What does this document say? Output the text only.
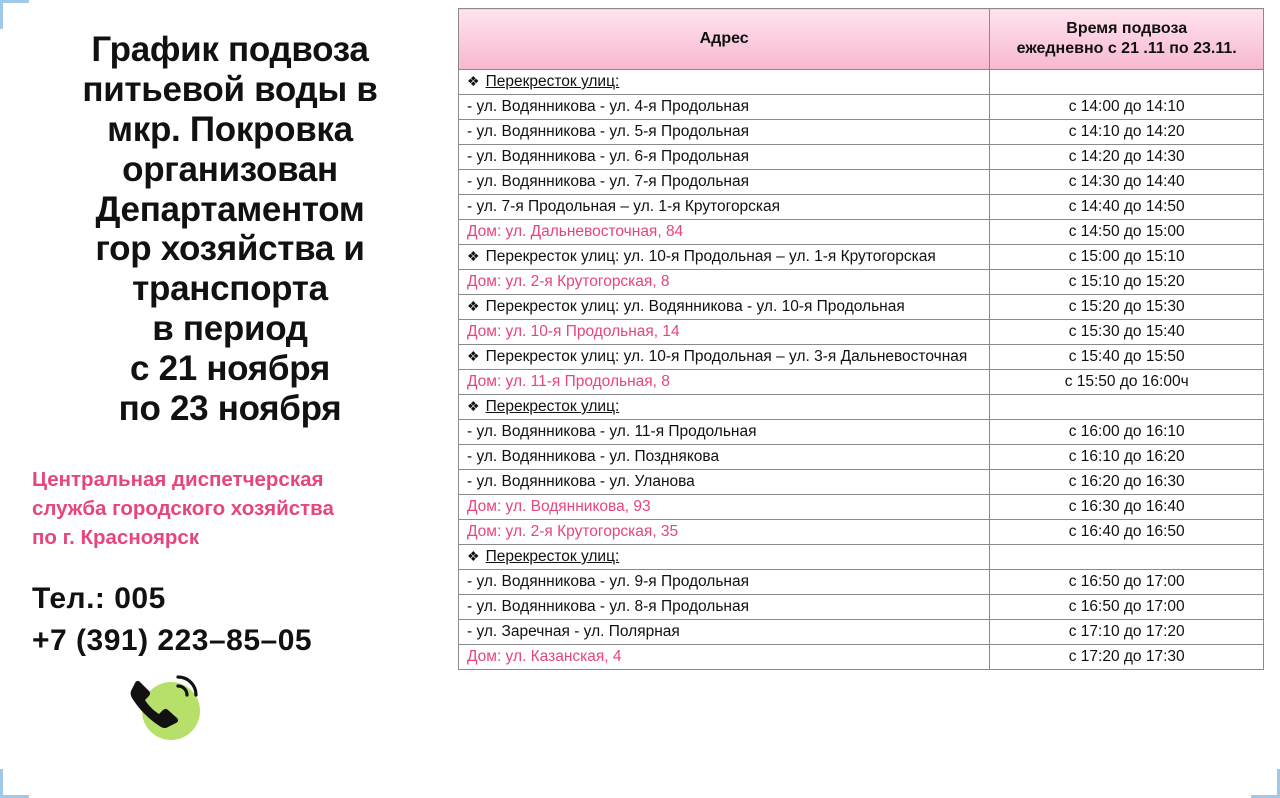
График подвоза
питьевой воды в
мкр. Покровка
организован
Департаментом
гор хозяйства и
транспорта
в период
с 21 ноября
по 23 ноября
Центральная диспетчерская
служба городского хозяйства
по г. Красноярск
Тел.: 005
+7 (391) 223–85–05
Адрес	Время подвоза
ежедневно с 21 .11 по 23.11.

❖ Перекресток улиц:	
- ул. Водянникова - ул. 4-я Продольная	с 14:00 до 14:10
- ул. Водянникова - ул. 5-я Продольная	с 14:10 до 14:20
- ул. Водянникова - ул. 6-я Продольная	с 14:20 до 14:30
- ул. Водянникова - ул. 7-я Продольная	с 14:30 до 14:40
- ул. 7-я Продольная – ул. 1-я Крутогорская	с 14:40 до 14:50
Дом: ул. Дальневосточная, 84	с 14:50 до 15:00
❖ Перекресток улиц: ул. 10-я Продольная – ул. 1-я Крутогорская	с 15:00 до 15:10
Дом: ул. 2-я Крутогорская, 8	с 15:10 до 15:20
❖ Перекресток улиц: ул. Водянникова - ул. 10-я Продольная	с 15:20 до 15:30
Дом: ул. 10-я Продольная, 14	с 15:30 до 15:40
❖ Перекресток улиц: ул. 10-я Продольная – ул. 3-я Дальневосточная	с 15:40 до 15:50
Дом: ул. 11-я Продольная, 8	с 15:50 до 16:00ч
❖ Перекресток улиц:	
- ул. Водянникова - ул. 11-я Продольная	с 16:00 до 16:10
- ул. Водянникова - ул. Позднякова	с 16:10 до 16:20
- ул. Водянникова - ул. Уланова	с 16:20 до 16:30
Дом: ул. Водянникова, 93	с 16:30 до 16:40
Дом: ул. 2-я Крутогорская, 35	с 16:40 до 16:50
❖ Перекресток улиц:	
- ул. Водянникова - ул. 9-я Продольная	с 16:50 до 17:00
- ул. Водянникова - ул. 8-я Продольная	с 16:50 до 17:00
- ул. Заречная - ул. Полярная	с 17:10 до 17:20
Дом: ул. Казанская, 4	с 17:20 до 17:30
